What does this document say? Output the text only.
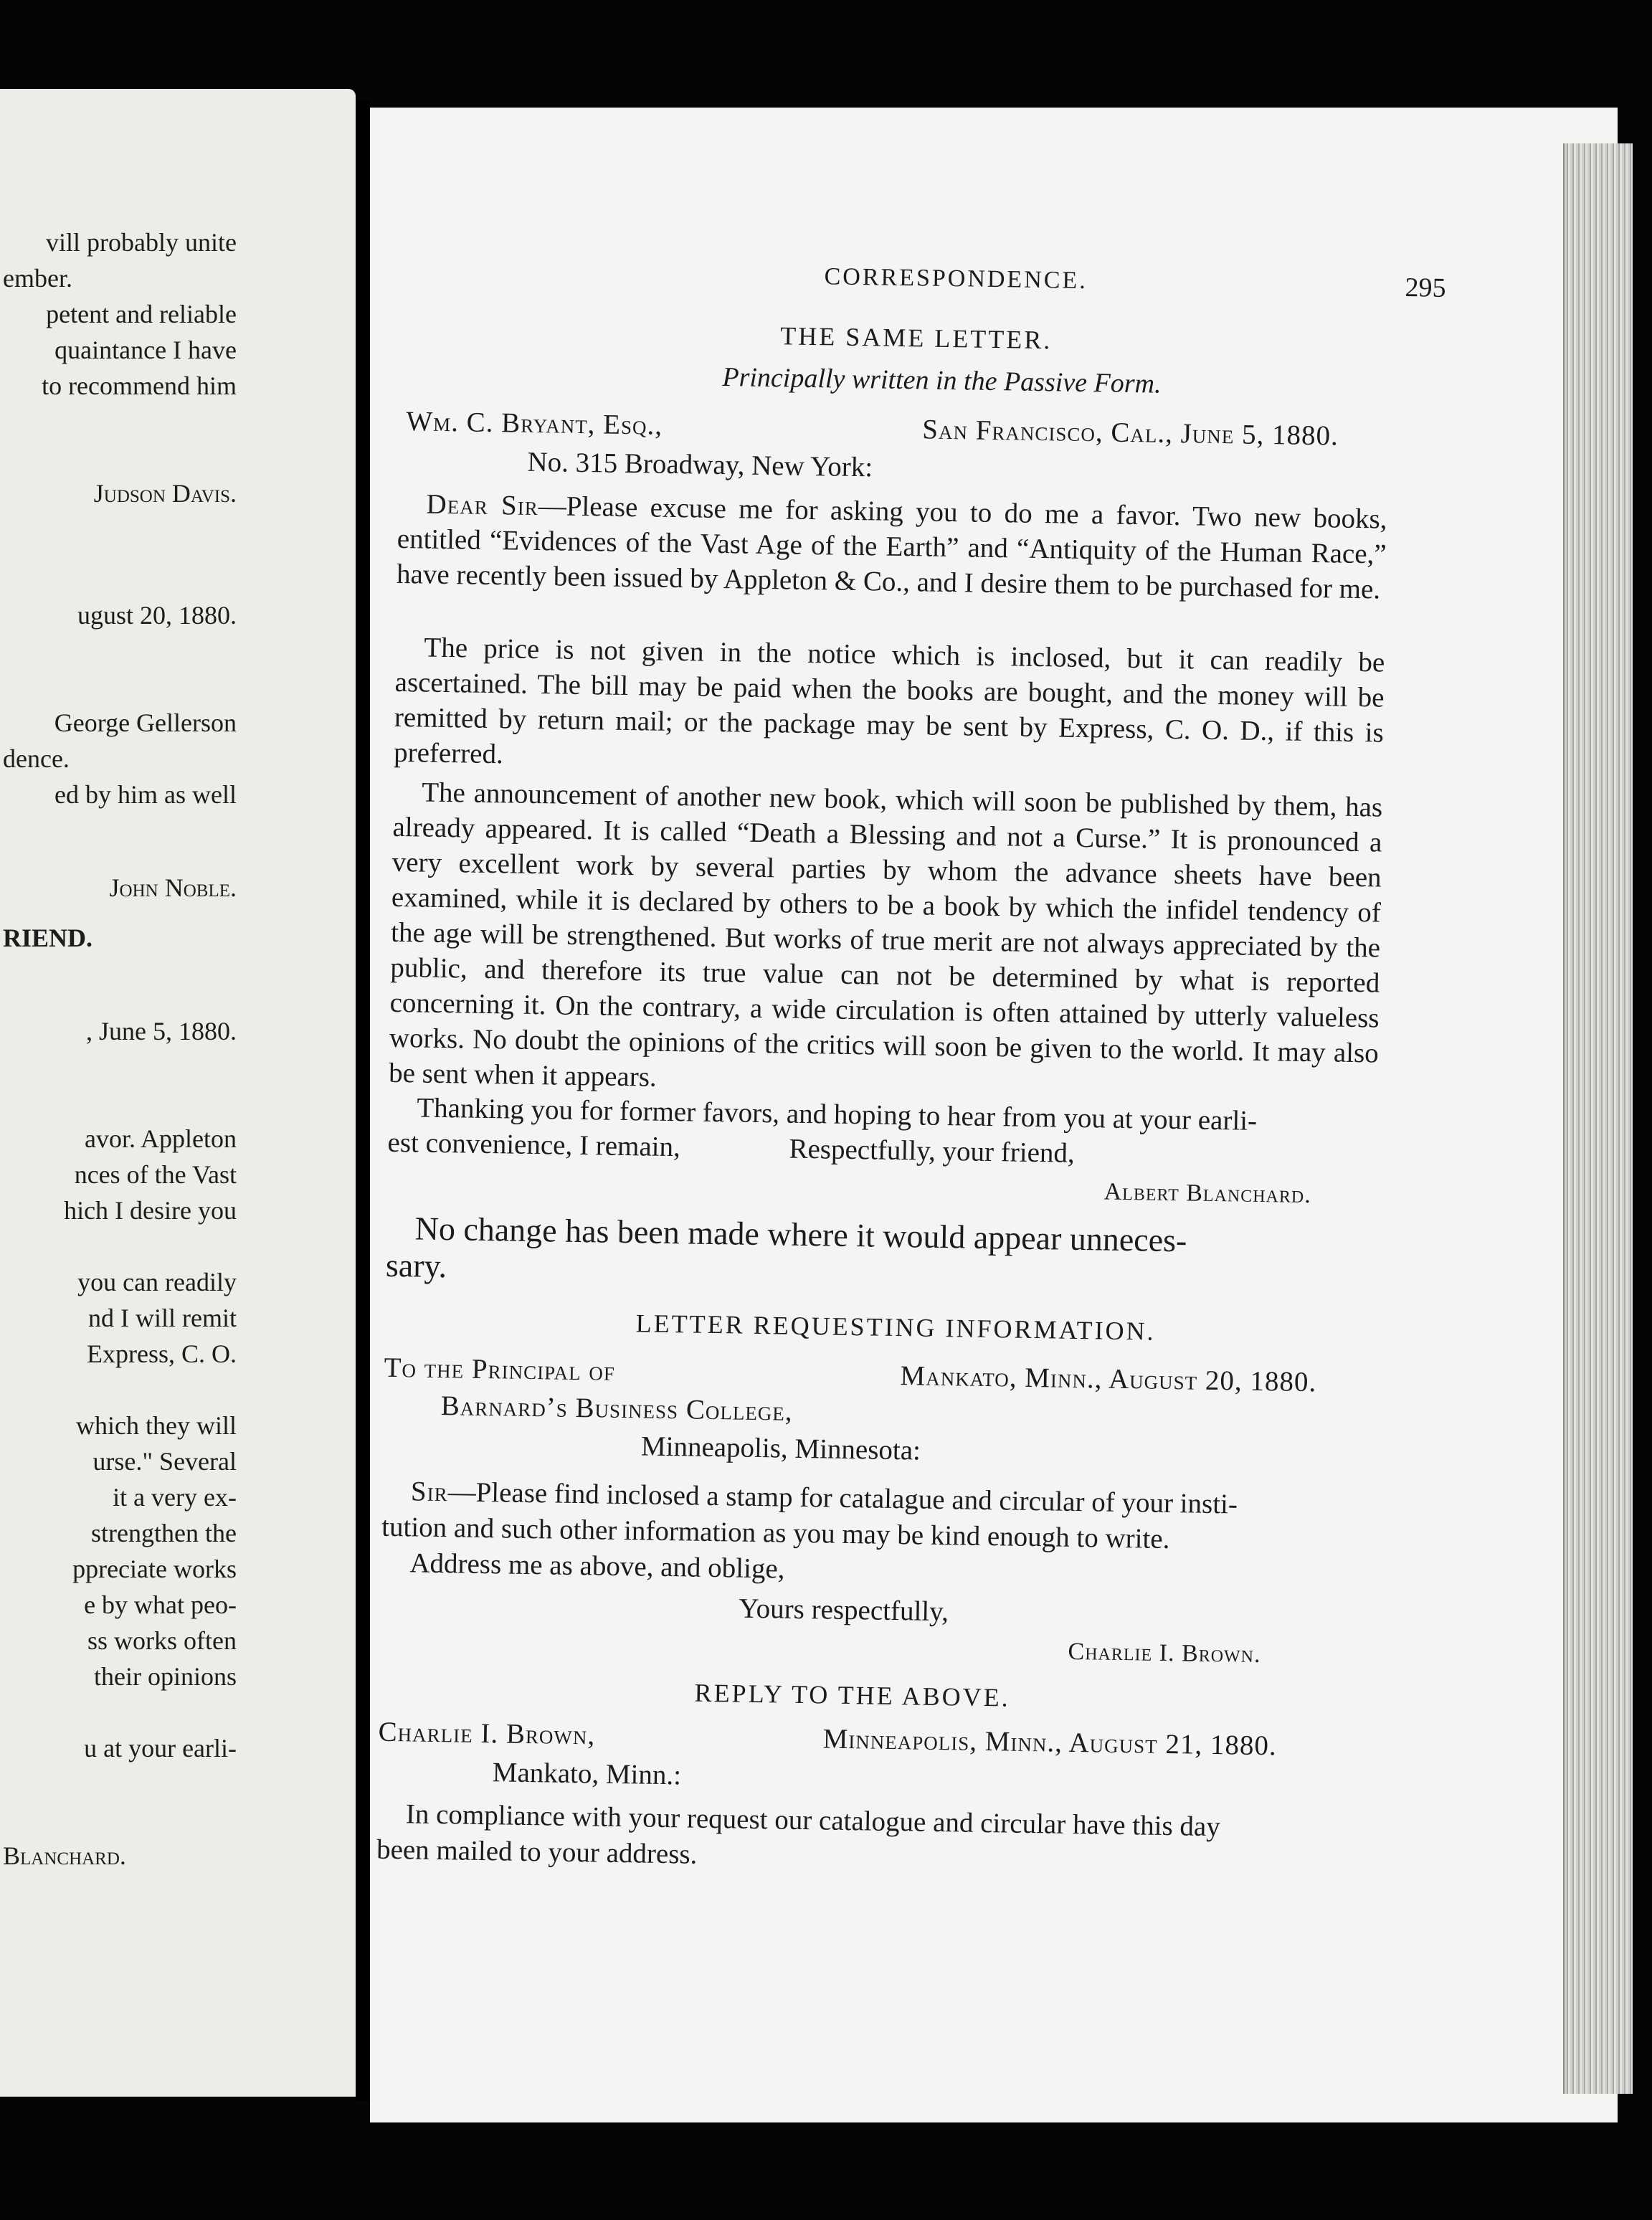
vill probably unite
ember.
petent and reliable
quaintance I have
to recommend him
Judson Davis.
ugust 20, 1880.
George Gellerson
dence.
ed by him as well
John Noble.
RIEND.
, June 5, 1880.
avor. Appleton
nces of the Vast
hich I desire you
you can readily
nd I will remit
Express, C. O.
which they will
urse." Several
it a very ex-
strengthen the
ppreciate works
e by what peo-
ss works often
their opinions
u at your earli-
Blanchard.
CORRESPONDENCE.	295
THE SAME LETTER.
Principally written in the Passive Form.
Wm. C. Bryant, Esq.,	San Francisco, Cal., June 5, 1880.
No. 315 Broadway, New York:
Dear Sir—Please excuse me for asking you to do me a favor. Two new books, entitled “Evidences of the Vast Age of the Earth” and “Antiquity of the Human Race,” have recently been issued by Appleton & Co., and I desire them to be purchased for me.
The price is not given in the notice which is inclosed, but it can readily be ascertained. The bill may be paid when the books are bought, and the money will be remitted by return mail; or the package may be sent by Express, C. O. D., if this is preferred.
The announcement of another new book, which will soon be published by them, has already appeared. It is called “Death a Blessing and not a Curse.” It is pronounced a very excellent work by several parties by whom the advance sheets have been examined, while it is declared by others to be a book by which the infidel tendency of the age will be strengthened. But works of true merit are not always appreciated by the public, and therefore its true value can not be determined by what is reported concerning it. On the contrary, a wide circulation is often attained by utterly valueless works. No doubt the opinions of the critics will soon be given to the world. It may also be sent when it appears.
Thanking you for former favors, and hoping to hear from you at your earli-
est convenience, I remain,	Respectfully, your friend,
Albert Blanchard.
No change has been made where it would appear unneces-
sary.
LETTER REQUESTING INFORMATION.
To the Principal of	Mankato, Minn., August 20, 1880.
Barnard’s Business College,
Minneapolis, Minnesota:
Sir—Please find inclosed a stamp for catalague and circular of your insti-
tution and such other information as you may be kind enough to write.
Address me as above, and oblige,
Yours respectfully,
Charlie I. Brown.
REPLY TO THE ABOVE.
Charlie I. Brown,	Minneapolis, Minn., August 21, 1880.
Mankato, Minn.:
In compliance with your request our catalogue and circular have this day
been mailed to your address.
